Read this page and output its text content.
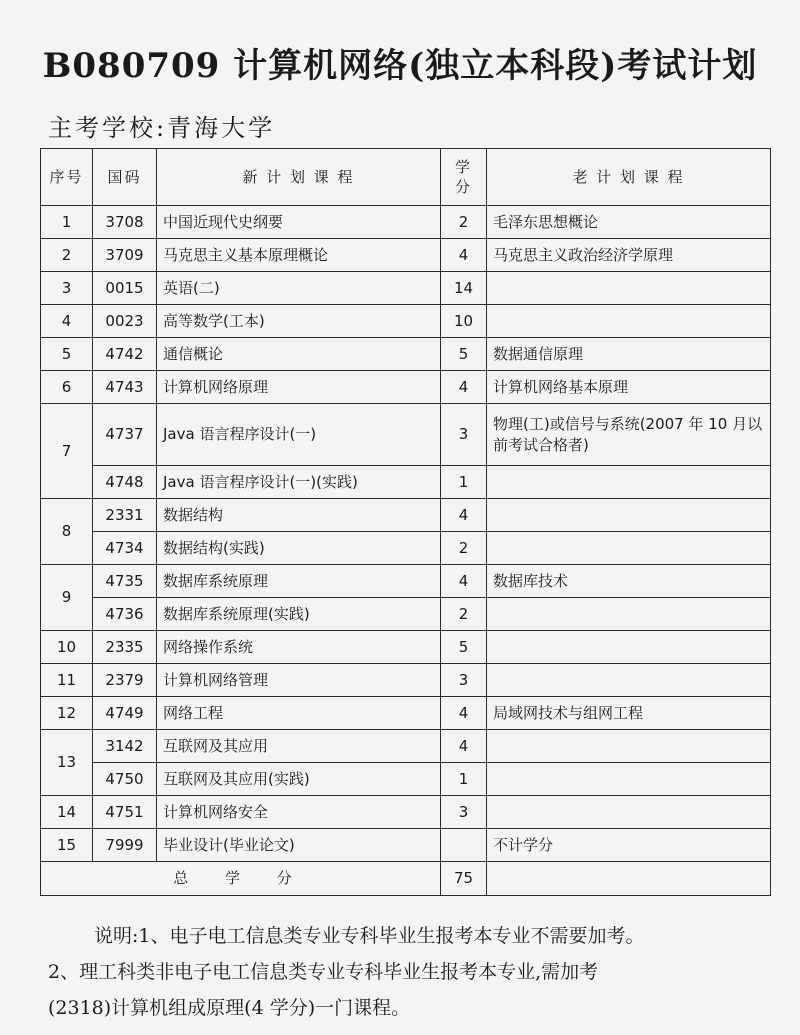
B080709 计算机网络(独立本科段)考试计划
主考学校:青海大学
序号	国码	新 计 划 课 程	学分	老 计 划 课 程
1	3708	中国近现代史纲要	2	毛泽东思想概论
2	3709	马克思主义基本原理概论	4	马克思主义政治经济学原理
3	0015	英语(二)	14	
4	0023	高等数学(工本)	10	
5	4742	通信概论	5	数据通信原理
6	4743	计算机网络原理	4	计算机网络基本原理
7	4737	Java 语言程序设计(一)	3	物理(工)或信号与系统(2007 年 10 月以前考试合格者)
	4748	Java 语言程序设计(一)(实践)	1	
8	2331	数据结构	4	
	4734	数据结构(实践)	2	
9	4735	数据库系统原理	4	数据库技术
	4736	数据库系统原理(实践)	2	
10	2335	网络操作系统	5	
11	2379	计算机网络管理	3	
12	4749	网络工程	4	局域网技术与组网工程
13	3142	互联网及其应用	4	
	4750	互联网及其应用(实践)	1	
14	4751	计算机网络安全	3	
15	7999	毕业设计(毕业论文)		不计学分
总 学 分			75	

说明:1、电子电工信息类专业专科毕业生报考本专业不需要加考。

2、理工科类非电子电工信息类专业专科毕业生报考本专业,需加考

(2318)计算机组成原理(4 学分)一门课程。
